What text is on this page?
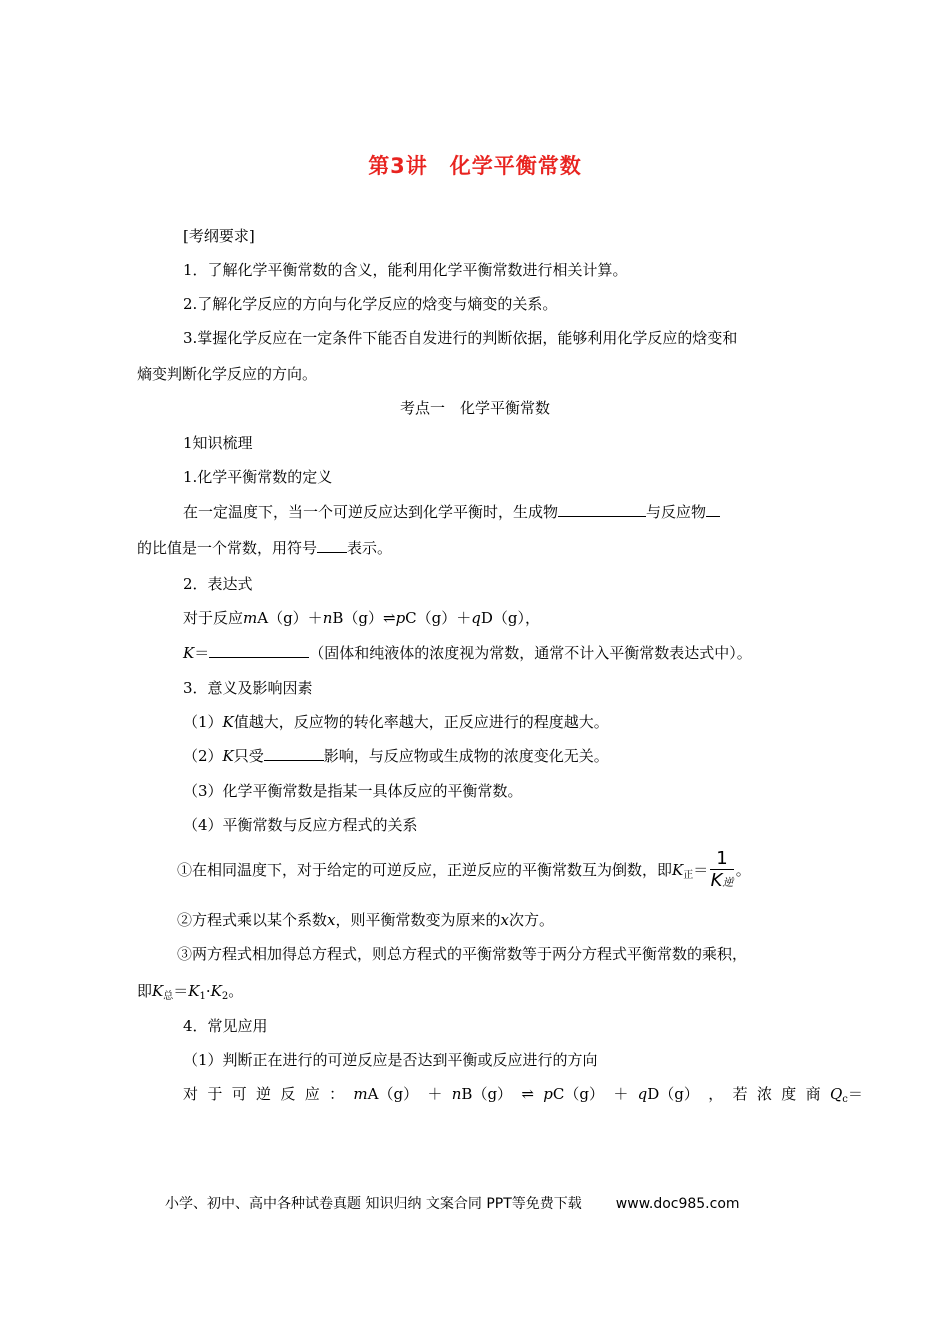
第3讲　化学平衡常数
[考纲要求]
1．了解化学平衡常数的含义，能利用化学平衡常数进行相关计算。
2.了解化学反应的方向与化学反应的焓变与熵变的关系。
3.掌握化学反应在一定条件下能否自发进行的判断依据，能够利用化学反应的焓变和
熵变判断化学反应的方向。
考点一　化学平衡常数
1知识梳理
1.化学平衡常数的定义
在一定温度下，当一个可逆反应达到化学平衡时，生成物	与反应物
的比值是一个常数，用符号 表示。
2．表达式
对于反应mA（g）＋nB（g）⇌pC（g）＋qD（g），
K＝	（固体和纯液体的浓度视为常数，通常不计入平衡常数表达式中）。
3．意义及影响因素
（1）K值越大，反应物的转化率越大，正反应进行的程度越大。
（2）K只受	影响，与反应物或生成物的浓度变化无关。
（3）化学平衡常数是指某一具体反应的平衡常数。
（4）平衡常数与反应方程式的关系
①在相同温度下，对于给定的可逆反应，正逆反应的平衡常数互为倒数，即$K_正= \frac{1}{\text{K逆}}$ 。
②方程式乘以某个系数x，则平衡常数变为原来的x次方。
③两方程式相加得总方程式，则总方程式的平衡常数等于两分方程式平衡常数的乘积，
即$K_总=K_1\cdot K_2$。
4．常见应用
（1）判断正在进行的可逆反应是否达到平衡或反应进行的方向
对 于 可 逆 反 应 ： mA（g） ＋ nB（g） ⇌ pC（g） ＋ qD（g） ， 若 浓 度 商 $Q_c=$
小学、初中、高中各种试卷真题 知识归纳 文案合同 PPT等免费下载 www.doc985.com
